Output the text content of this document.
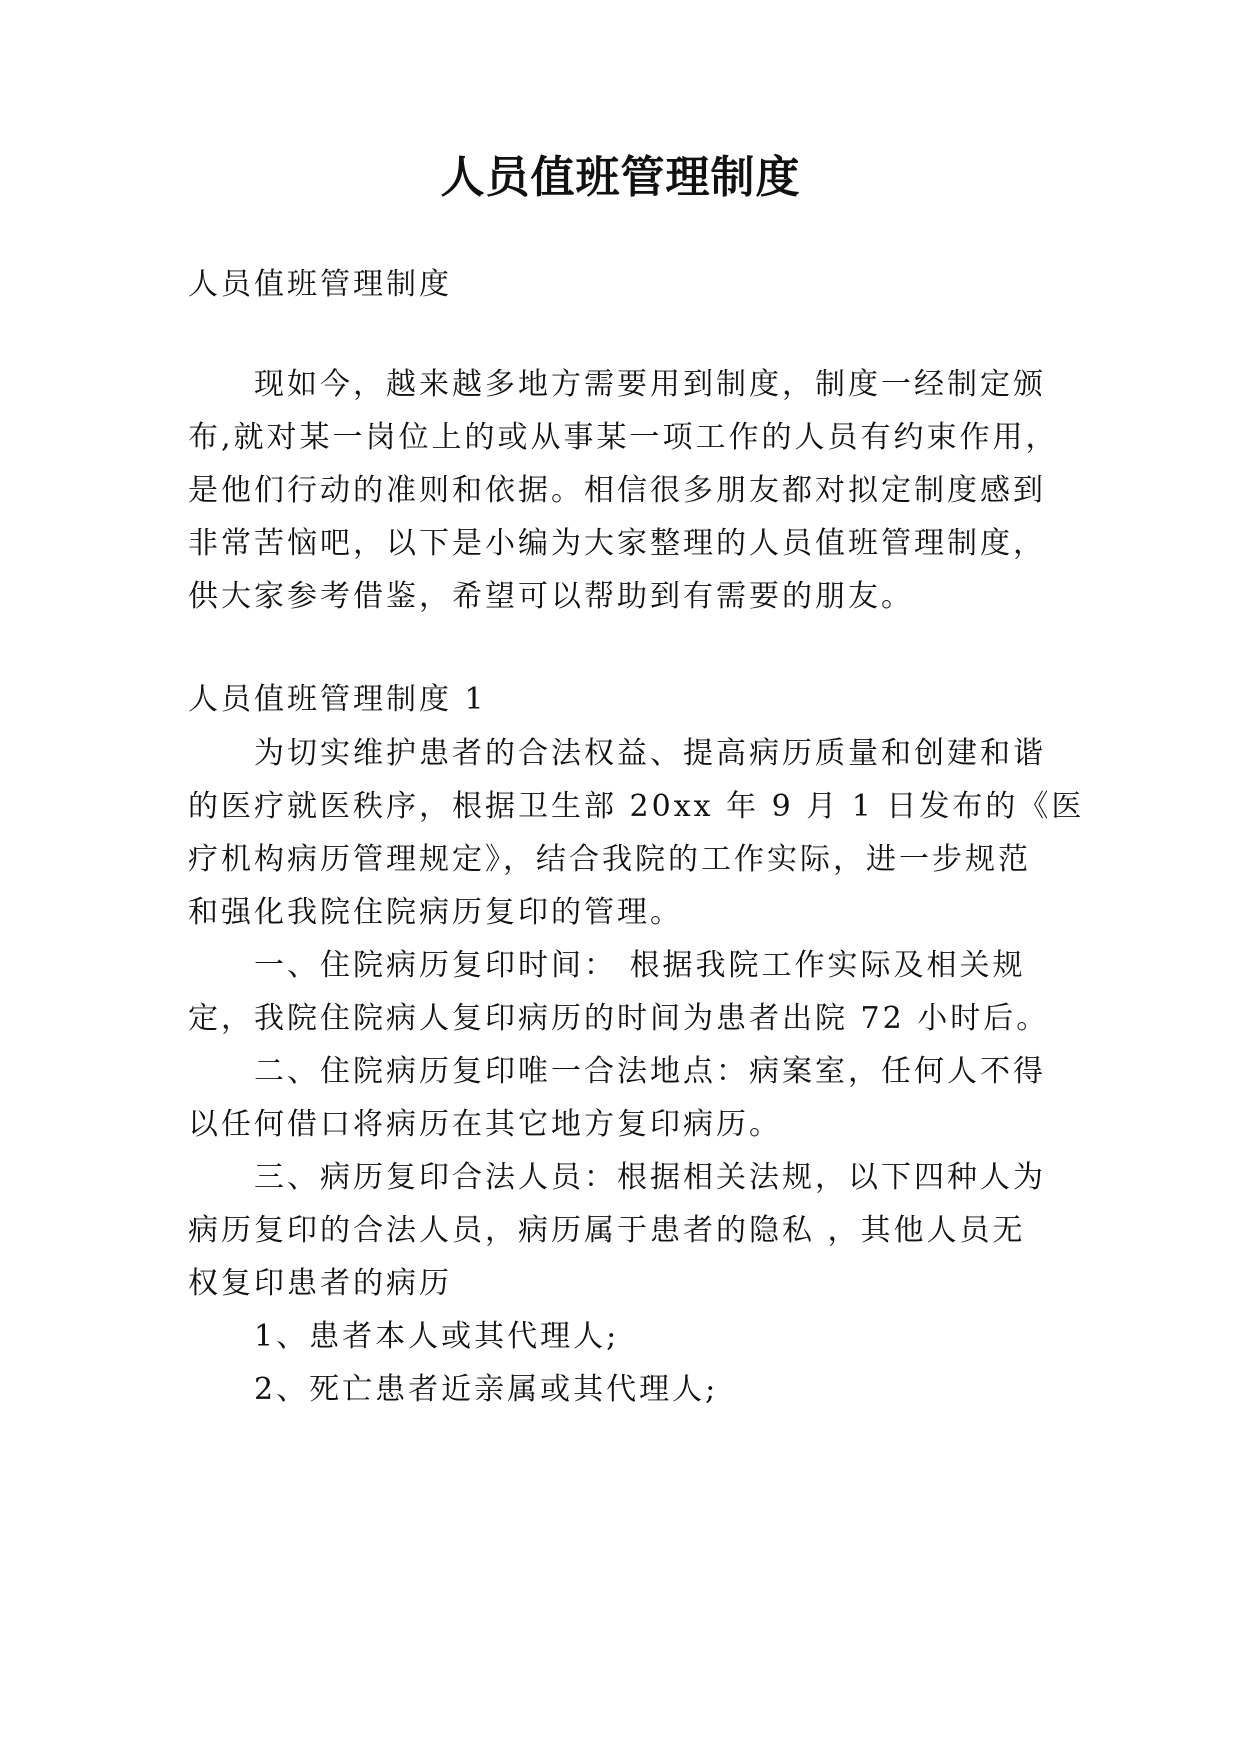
人员值班管理制度

人员值班管理制度

现如今，越来越多地方需要用到制度，制度一经制定颁

布,就对某一岗位上的或从事某一项工作的人员有约束作用，

是他们行动的准则和依据。相信很多朋友都对拟定制度感到

非常苦恼吧，以下是小编为大家整理的人员值班管理制度，

供大家参考借鉴，希望可以帮助到有需要的朋友。

人员值班管理制度 1

为切实维护患者的合法权益、提高病历质量和创建和谐

的医疗就医秩序，根据卫生部 20xx 年 9 月 1 日发布的《医

疗机构病历管理规定》，结合我院的工作实际，进一步规范

和强化我院住院病历复印的管理。

一、住院病历复印时间： 根据我院工作实际及相关规

定，我院住院病人复印病历的时间为患者出院 72 小时后。

二、住院病历复印唯一合法地点：病案室，任何人不得

以任何借口将病历在其它地方复印病历。

三、病历复印合法人员：根据相关法规，以下四种人为

病历复印的合法人员，病历属于患者的隐私 ，其他人员无

权复印患者的病历

1、患者本人或其代理人;

2、死亡患者近亲属或其代理人;
